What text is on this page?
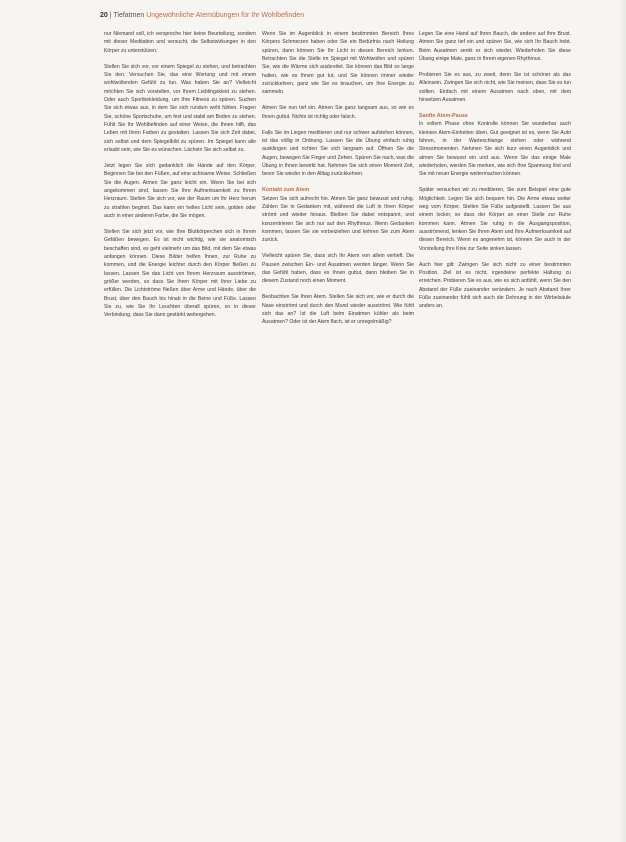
20 | Tiefatmen Ungewöhnliche Atemübungen für Ihr Wohlbefinden

nur Niemand soll, ich verspreche hier keine Beurteilung, sondern mit dieser Meditation und versucht, die Selbstwirkungen in den Körper zu unterstützen.

Stellen Sie sich vor, vor einem Spiegel zu stehen, und betrachten Sie den. Versuchen Sie, das eine Wertung und mit einem wohlwollenden Gefühl zu tun. Was haben Sie an? Vielleicht möchten Sie sich vorstellen, vor Ihrem Lieblingskleid zu stehen. Oder auch Sportbekleidung, um Ihre Fitness zu spüren. Suchen Sie sich etwas aus, in dem Sie sich rundum wohl fühlen. Fragen Sie, schöne Sportschuhe, um fest und stabil am Boden zu stehen. Fühlt Sie Ihr Wohlbefinden auf einer Weise, die Ihnen hilft, das Leben mit Ihren Farben zu gestalten. Lassen Sie sich Zeit dabei, sich selbst und dem Spiegelbild zu spüren. Im Spiegel kann alle erlaubt sein, wie Sie es wünschen. Lächeln Sie sich selbst zu.

Jetzt legen Sie sich gedanklich die Hände auf den Körper. Beginnen Sie bei den Füßen, auf eine achtsame Weise. Schließen Sie die Augen. Atmen Sie ganz leicht ein. Wenn Sie bei sich angekommen sind, lassen Sie Ihre Aufmerksamkeit zu Ihrem Herzraum. Stellen Sie sich vor, wie der Raum um Ihr Herz herum zu strahlen beginnt. Das kann ein helles Licht sein, golden oder auch in einer anderen Farbe, die Sie mögen.

Stellen Sie sich jetzt vor, wie Ihre Blutkörperchen sich in Ihrem Gefäßen bewegen. Es ist nicht wichtig, wie sie anatomisch beschaffen sind, es geht vielmehr um das Bild, mit dem Sie etwas anfangen können. Diese Bilder helfen Ihnen, zur Ruhe zu kommen, und die Energie leichter durch den Körper fließen zu lassen. Lassen Sie das Licht von Ihrem Herzraum ausströmen, größer werden, so dass Sie Ihren Körper mit Ihrer Liebe zu erfüllen. Die Lichtströme fließen über Arme und Hände, über die Brust, über den Bauch bis hinab in die Beine und Füße. Lassen Sie zu, wie Sie Ihr Leuchten überall spüren, so in dieser Verbindung, dass Sie dann gestärkt weitergehen.

Wenn Sie im Augenblick in einem bestimmten Bereich Ihres Körpers Schmerzen haben oder Sie ein Bedürfnis nach Heilung spüren, dann können Sie Ihr Licht in diesen Bereich lenken. Betrachten Sie die Stelle im Spiegel mit Wohlwollen und spüren Sie, wie die Wärme sich ausbreitet. Sie können das Bild so lange halten, wie es Ihnen gut tut, und Sie können immer wieder zurückkehren, ganz wie Sie es brauchen, um Ihre Energie zu sammeln.

Atmen Sie nun tief ein. Atmen Sie ganz langsam aus, so wie es Ihnen guttut. Nichts ist richtig oder falsch.

Falls Sie im Liegen meditieren und nur schwer aufstehen können, ist das völlig in Ordnung. Lassen Sie die Übung einfach ruhig ausklingen und richten Sie sich langsam auf. Öffnen Sie die Augen, bewegen Sie Finger und Zehen. Spüren Sie nach, was die Übung in Ihnen bewirkt hat. Nehmen Sie sich einen Moment Zeit, bevor Sie wieder in den Alltag zurückkehren.

Kontakt zum Atem

Setzen Sie sich aufrecht hin. Atmen Sie ganz bewusst und ruhig. Zählen Sie in Gedanken mit, während die Luft in Ihren Körper strömt und wieder hinaus. Bleiben Sie dabei entspannt, und konzentrieren Sie sich nur auf den Rhythmus. Wenn Gedanken kommen, lassen Sie sie vorbeiziehen und kehren Sie zum Atem zurück.

Vielleicht spüren Sie, dass sich Ihr Atem von allein vertieft. Die Pausen zwischen Ein- und Ausatmen werden länger. Wenn Sie das Gefühl haben, dass es Ihnen guttut, dann bleiben Sie in diesem Zustand noch einen Moment.

Beobachten Sie Ihren Atem. Stellen Sie sich vor, wie er durch die Nase einströmt und durch den Mund wieder ausströmt. Wie fühlt sich das an? Ist die Luft beim Einatmen kühler als beim Ausatmen? Oder ist der Atem flach, ist er unregelmäßig?

Legen Sie eine Hand auf Ihren Bauch, die andere auf Ihre Brust. Atmen Sie ganz tief ein und spüren Sie, wie sich Ihr Bauch hebt. Beim Ausatmen senkt er sich wieder. Wiederholen Sie diese Übung einige Male, ganz in Ihrem eigenen Rhythmus.

Probieren Sie es aus, zu zweit, denn Sie ist schöner als das Alleinsein. Zwingen Sie sich nicht, wie Sie meinen, dass Sie es tun sollten. Einfach mit einem Ausatmen nach oben, mit dem hinsetzen Ausatmen.

Sanfte Atem-Pause

In vollem Phase ohne Kontrolle können Sie wunderbar auch kleinere Atem-Einheiten üben. Gut geeignet ist es, wenn Sie Auto fahren, in der Warteschlange stehen oder während Stressmomenten. Nehmen Sie sich kurz einen Augenblick und atmen Sie bewusst ein und aus. Wenn Sie das einige Male wiederholen, werden Sie merken, wie sich Ihre Spannung löst und Sie mit neuer Energie weitermachen können.

Später versuchen wir zu meditieren, Sie zum Beispiel eine gute Möglichkeit. Legen Sie sich bequem hin. Die Arme etwas weiter weg vom Körper. Stellen Sie Füße aufgestellt. Lassen Sie aus einem locker, so dass der Körper an einer Stelle zur Ruhe kommen kann. Atmen Sie ruhig in die Ausgangsposition, ausströmend, lenken Sie Ihren Atem und Ihre Aufmerksamkeit auf diesen Bereich. Wenn es angenehm ist, können Sie auch in der Vorstellung Ihre Knie zur Seite sinken lassen.

Auch hier gilt: Zwingen Sie sich nicht zu einer bestimmten Position. Ziel ist es nicht, irgendeine perfekte Haltung zu erreichen. Probieren Sie es aus, wie es sich anfühlt, wenn Sie den Abstand der Füße zueinander verändern. Je nach Abstand Ihrer Füße zueinander fühlt sich auch die Dehnung in der Wirbelsäule anders an.
